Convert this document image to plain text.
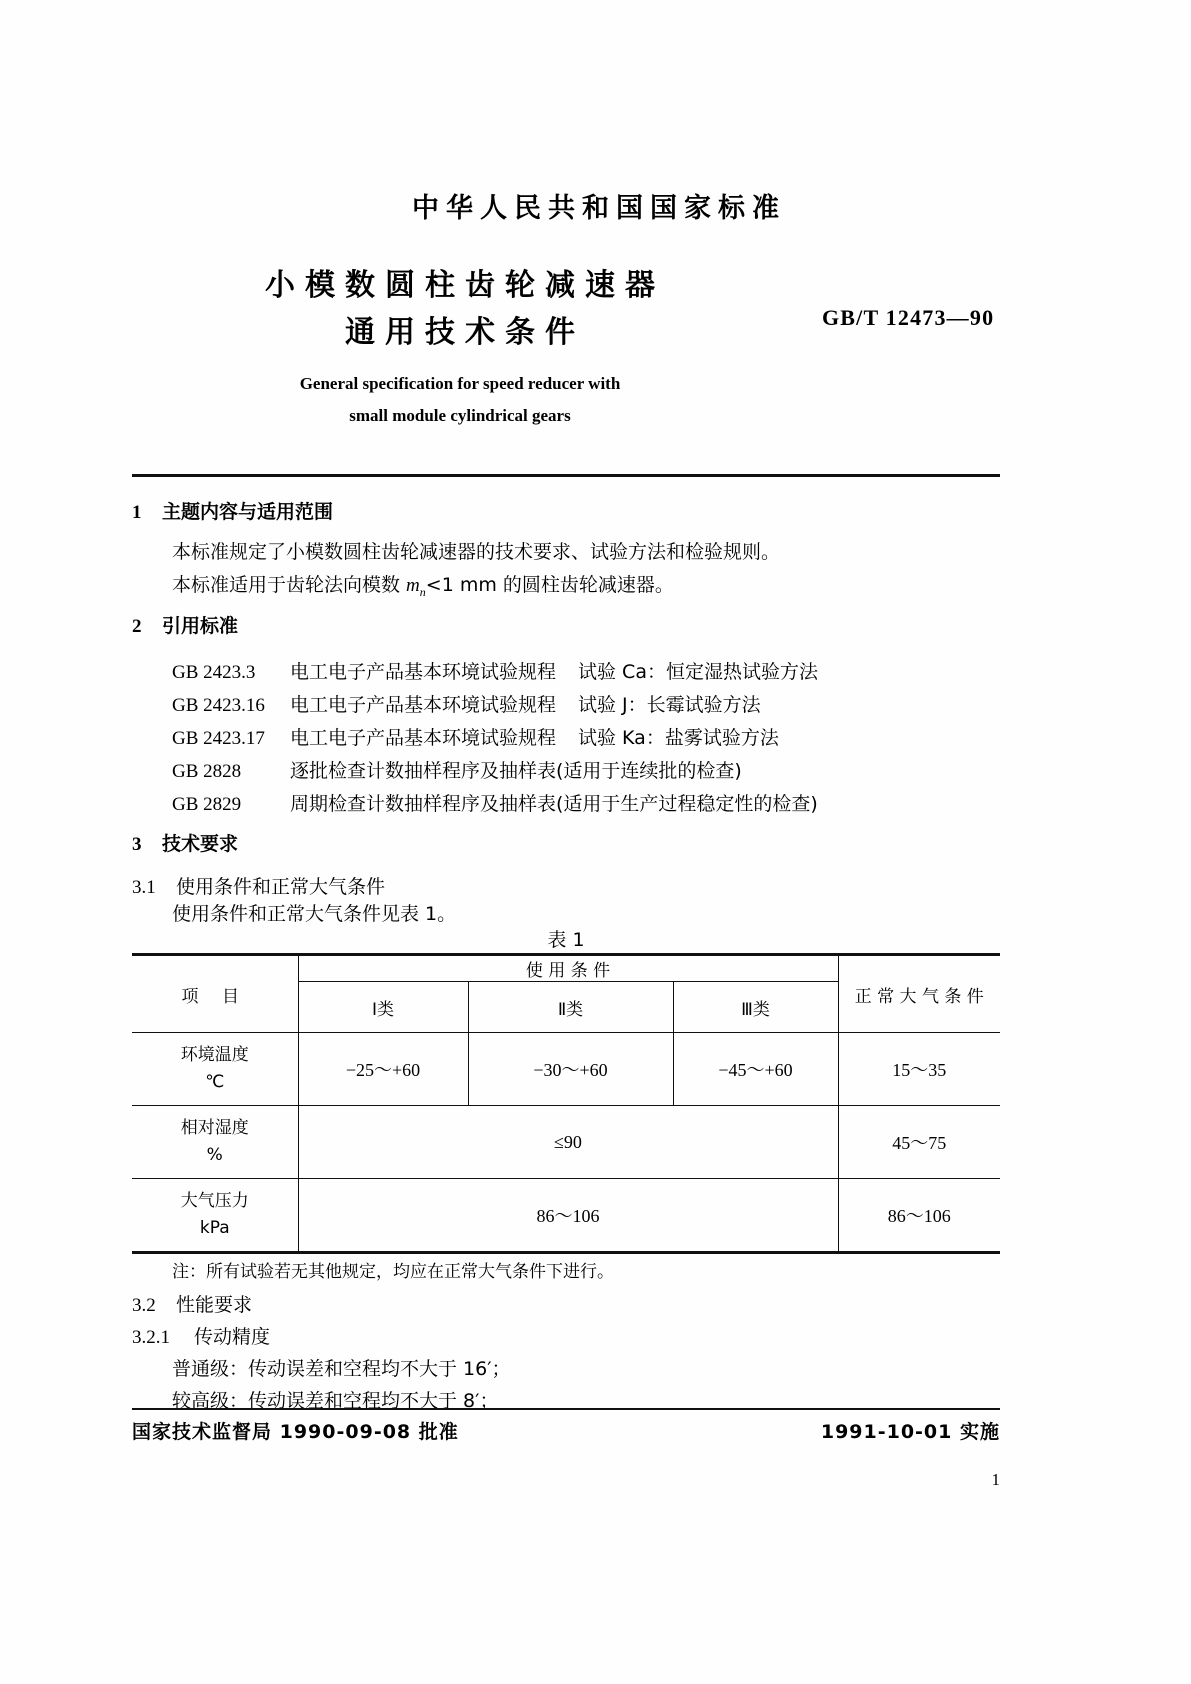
中华人民共和国国家标准
小模数圆柱齿轮减速器
通用技术条件	GB/T 12473—90
General specification for speed reducer with
small module cylindrical gears
1 主题内容与适用范围
本标准规定了小模数圆柱齿轮减速器的技术要求、试验方法和检验规则。
本标准适用于齿轮法向模数 $m_n<1$ mm 的圆柱齿轮减速器。
2 引用标准
GB 2423.3 电工电子产品基本环境试验规程 试验 Ca：恒定湿热试验方法
GB 2423.16 电工电子产品基本环境试验规程 试验 J：长霉试验方法
GB 2423.17 电工电子产品基本环境试验规程 试验 Ka：盐雾试验方法
GB 2828	逐批检查计数抽样程序及抽样表(适用于连续批的检查)
GB 2829	周期检查计数抽样程序及抽样表(适用于生产过程稳定性的检查)
3 技术要求
3.1 使用条件和正常大气条件
使用条件和正常大气条件见表 1。
表 1
项 目	使 用 条 件			正 常 大 气 条 件
	Ⅰ类	Ⅱ类	Ⅲ类	

环境温度
℃	−25～+60	−30～+60	−45～+60	15～35

相对湿度
%	≤90			45～75

大气压力
kPa	86～106			86～106
注：所有试验若无其他规定，均应在正常大气条件下进行。
3.2 性能要求
3.2.1 传动精度
普通级：传动误差和空程均不大于 16′；
较高级：传动误差和空程均不大于 8′；
国家技术监督局 1990-09-08 批准	1991-10-01 实施
1
